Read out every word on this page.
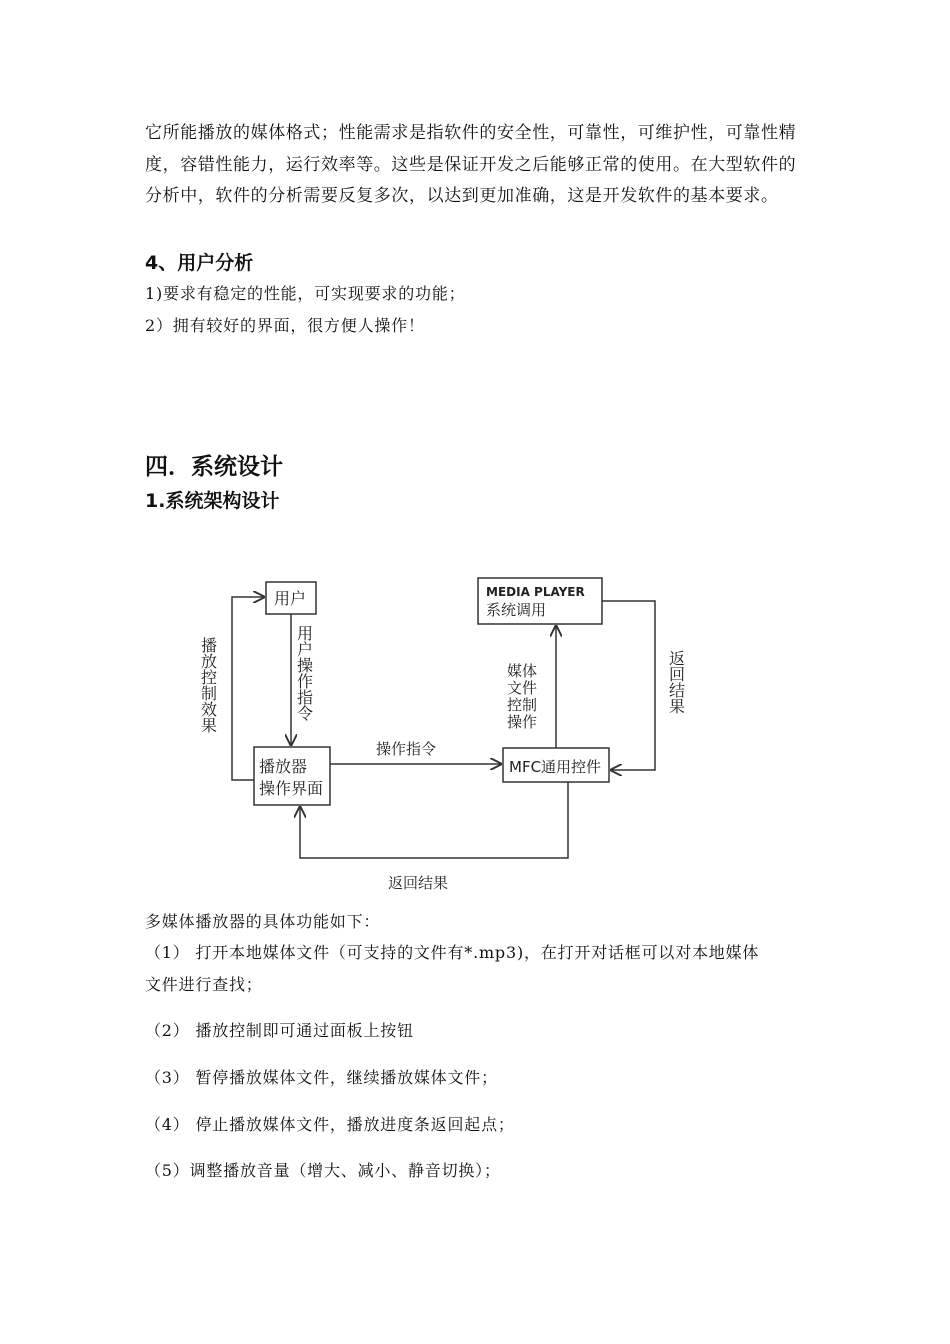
它所能播放的媒体格式；性能需求是指软件的安全性，可靠性，可维护性，可靠性精度，容错性能力，运行效率等。这些是保证开发之后能够正常的使用。在大型软件的分析中，软件的分析需要反复多次，以达到更加准确，这是开发软件的基本要求。
4、用户分析
1)要求有稳定的性能，可实现要求的功能；
2）拥有较好的界面，很方便人操作！
四．系统设计
1.系统架构设计
用户
播放器
操作界面
MEDIA PLAYER
系统调用
MFC通用控件
播放控制效果	用户操作指令
操作指令
媒体
文件
控制
操作
返回结果
返回结果
多媒体播放器的具体功能如下：
（1） 打开本地媒体文件（可支持的文件有*.mp3)，在打开对话框可以对本地媒体
文件进行查找；
（2） 播放控制即可通过面板上按钮
（3） 暂停播放媒体文件，继续播放媒体文件；
（4） 停止播放媒体文件，播放进度条返回起点；
（5）调整播放音量（增大、减小、静音切换）；
